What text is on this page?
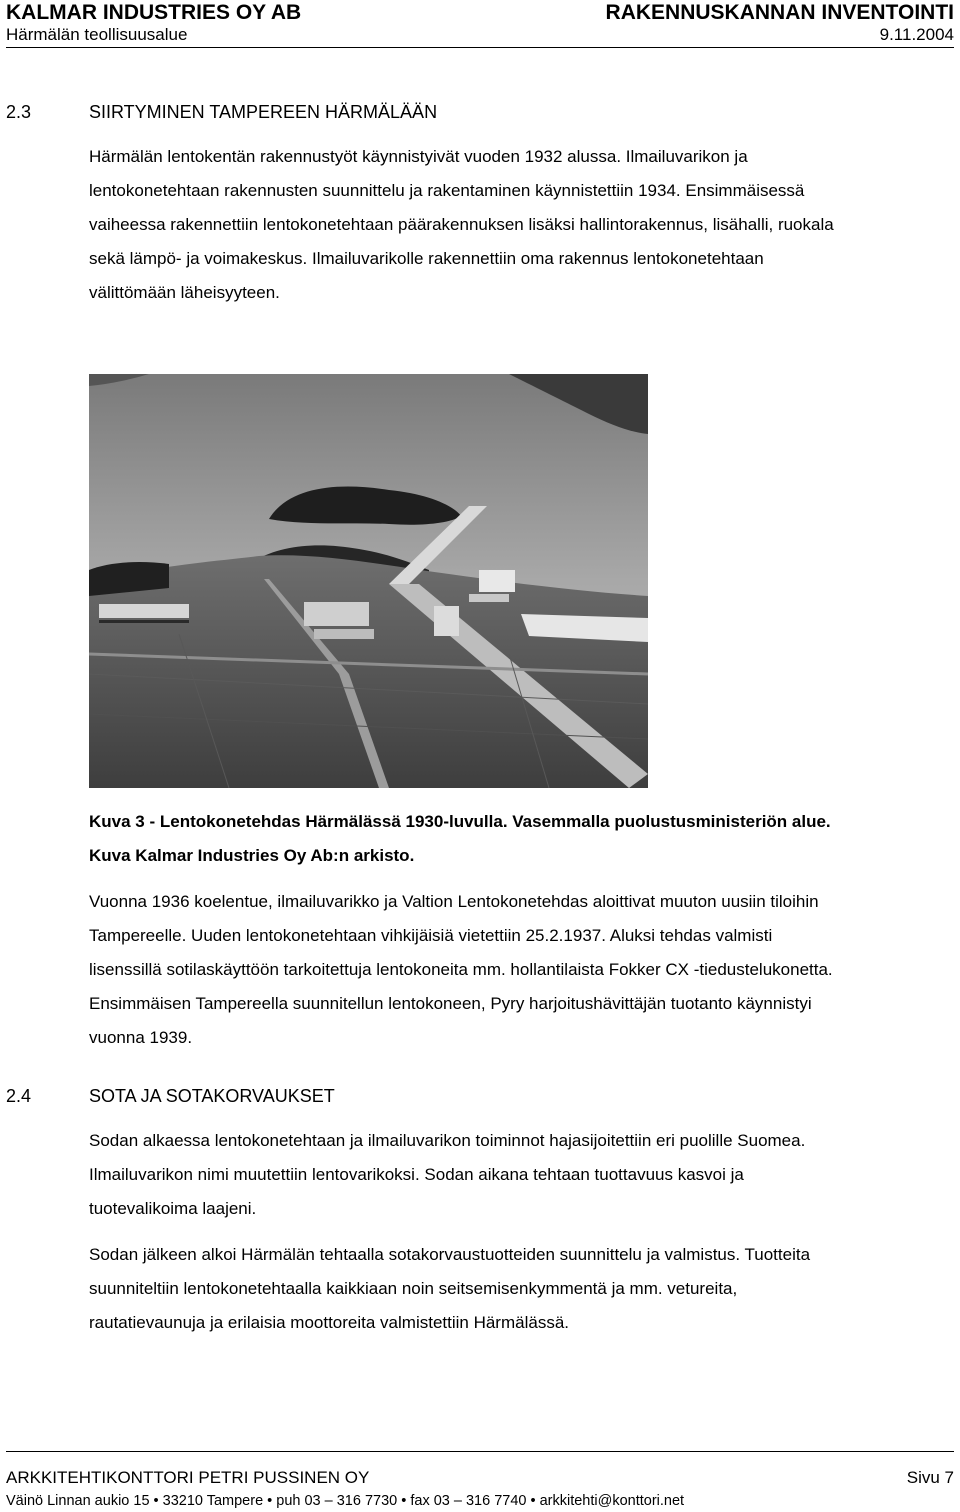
KALMAR INDUSTRIES OY AB
Härmälän teollisuusalue
RAKENNUSKANNAN INVENTOINTI
9.11.2004
2.3	SIIRTYMINEN TAMPEREEN HÄRMÄLÄÄN
Härmälän lentokentän rakennustyöt käynnistyivät vuoden 1932 alussa. Ilmailuvarikon ja
lentokonetehtaan rakennusten suunnittelu ja rakentaminen käynnistettiin 1934. Ensimmäisessä
vaiheessa rakennettiin lentokonetehtaan päärakennuksen lisäksi hallintorakennus, lisähalli, ruokala
sekä lämpö- ja voimakeskus. Ilmailuvarikolle rakennettiin oma rakennus lentokonetehtaan
välittömään läheisyyteen.
Kuva 3 - Lentokonetehdas Härmälässä 1930-luvulla. Vasemmalla puolustusministeriön alue.
Kuva Kalmar Industries Oy Ab:n arkisto.
Vuonna 1936 koelentue, ilmailuvarikko ja Valtion Lentokonetehdas aloittivat muuton uusiin tiloihin
Tampereelle. Uuden lentokonetehtaan vihkijäisiä vietettiin 25.2.1937. Aluksi tehdas valmisti
lisenssillä sotilaskäyttöön tarkoitettuja lentokoneita mm. hollantilaista Fokker CX -tiedustelukonetta.
Ensimmäisen Tampereella suunnitellun lentokoneen, Pyry harjoitushävittäjän tuotanto käynnistyi
vuonna 1939.
2.4	SOTA JA SOTAKORVAUKSET
Sodan alkaessa lentokonetehtaan ja ilmailuvarikon toiminnot hajasijoitettiin eri puolille Suomea.
Ilmailuvarikon nimi muutettiin lentovarikoksi. Sodan aikana tehtaan tuottavuus kasvoi ja
tuotevalikoima laajeni.
Sodan jälkeen alkoi Härmälän tehtaalla sotakorvaustuotteiden suunnittelu ja valmistus. Tuotteita
suunniteltiin lentokonetehtaalla kaikkiaan noin seitsemisenkymmentä ja mm. vetureita,
rautatievaunuja ja erilaisia moottoreita valmistettiin Härmälässä.
ARKKITEHTIKONTTORI PETRI PUSSINEN OY	Sivu 7
Väinö Linnan aukio 15 • 33210 Tampere • puh 03 – 316 7730 • fax 03 – 316 7740 • arkkitehti@konttori.net
